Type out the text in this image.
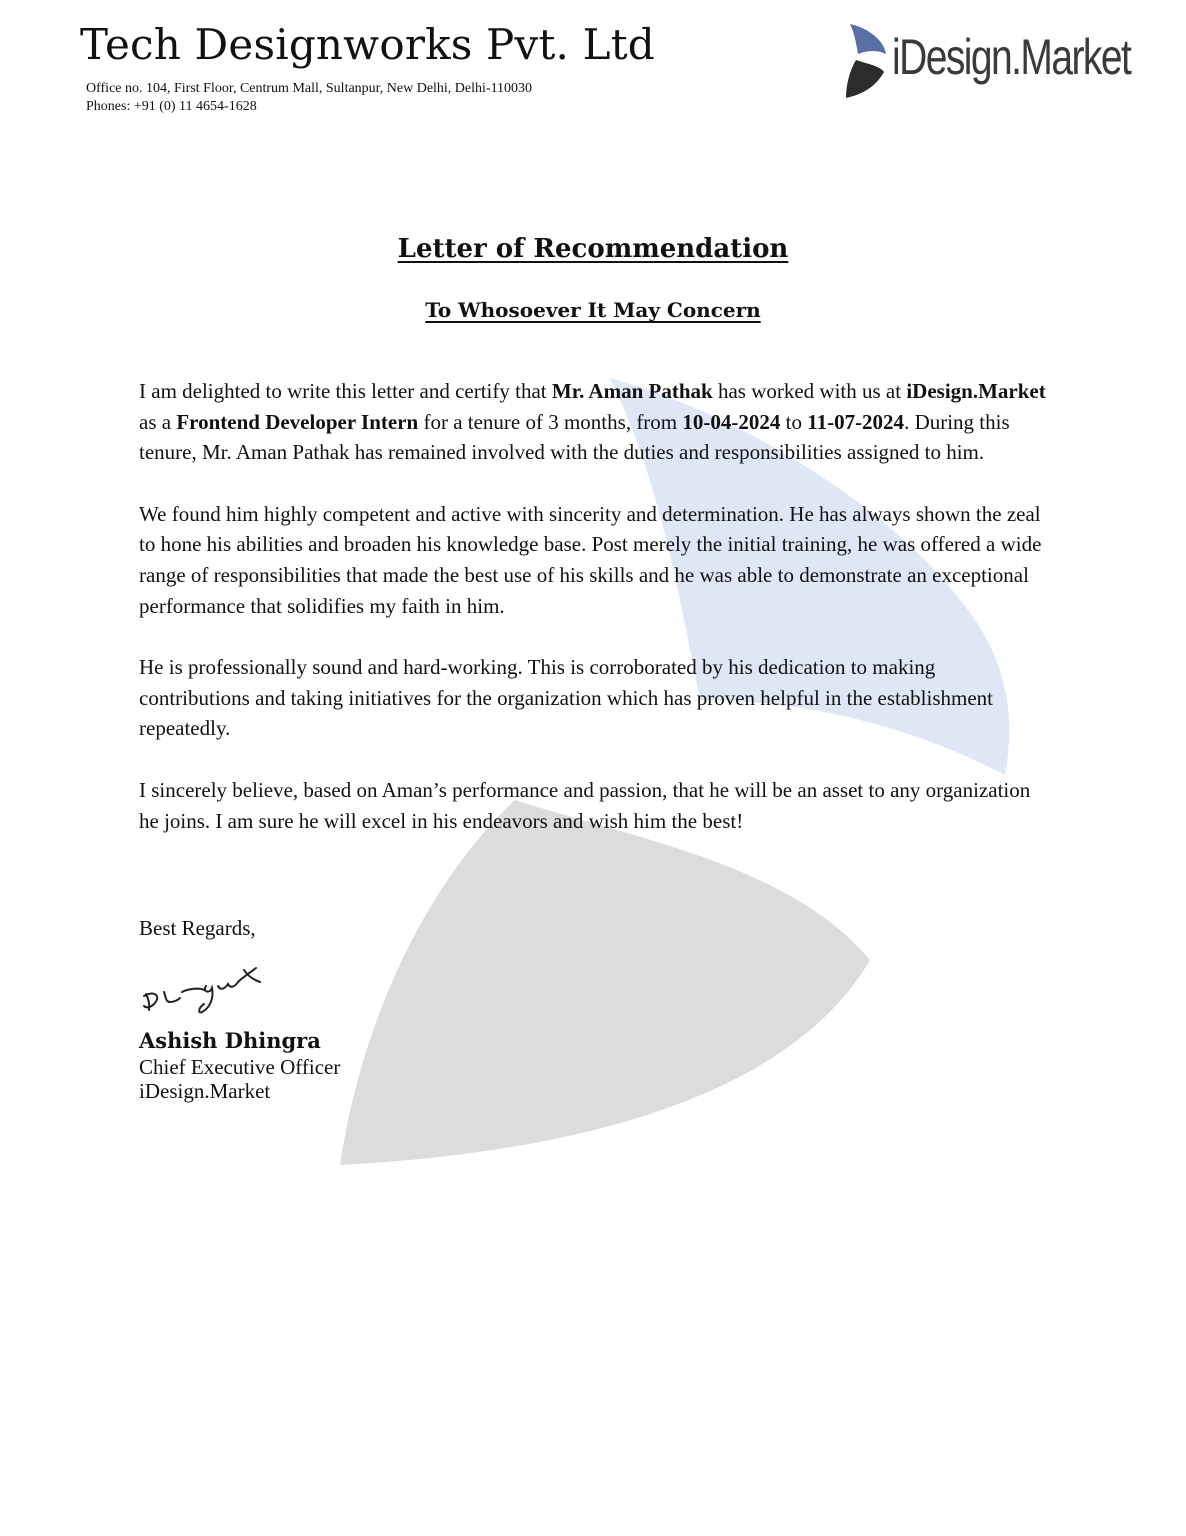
Tech Designworks Pvt. Ltd
Office no. 104, First Floor, Centrum Mall, Sultanpur, New Delhi, Delhi-110030
Phones: +91 (0) 11 4654-1628
iDesign.Market
Letter of Recommendation
To Whosoever It May Concern

I am delighted to write this letter and certify that Mr. Aman Pathak has worked with us at iDesign.Market as a Frontend Developer Intern for a tenure of 3 months, from 10-04-2024 to 11-07-2024. During this tenure, Mr. Aman Pathak has remained involved with the duties and responsibilities assigned to him.

We found him highly competent and active with sincerity and determination. He has always shown the zeal to hone his abilities and broaden his knowledge base. Post merely the initial training, he was offered a wide range of responsibilities that made the best use of his skills and he was able to demonstrate an exceptional performance that solidifies my faith in him.

He is professionally sound and hard-working. This is corroborated by his dedication to making contributions and taking initiatives for the organization which has proven helpful in the establishment repeatedly.

I sincerely believe, based on Aman’s performance and passion, that he will be an asset to any organization he joins. I am sure he will excel in his endeavors and wish him the best!

Best Regards,
Ashish Dhingra
Chief Executive Officer
iDesign.Market
